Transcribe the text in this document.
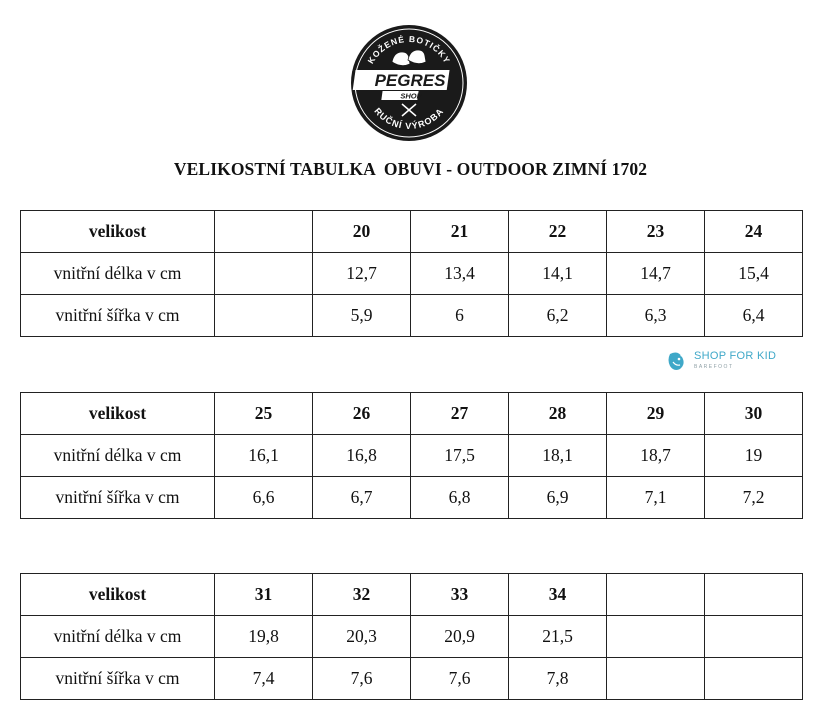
KOŽENÉ BOTIČKY
RUČNÍ VÝROBA
PEGRES
SHOP
VELIKOSTNÍ TABULKA  OBUVI - OUTDOOR ZIMNÍ 1702
velikost		20	21	22	23	24
vnitřní délka v cm		12,7	13,4	14,1	14,7	15,4
vnitřní šířka v cm		5,9	6	6,2	6,3	6,4
SHOP FOR KID
BAREFOOT
velikost	25	26	27	28	29	30
vnitřní délka v cm	16,1	16,8	17,5	18,1	18,7	19
vnitřní šířka v cm	6,6	6,7	6,8	6,9	7,1	7,2
velikost	31	32	33	34		
vnitřní délka v cm	19,8	20,3	20,9	21,5		
vnitřní šířka v cm	7,4	7,6	7,6	7,8		
